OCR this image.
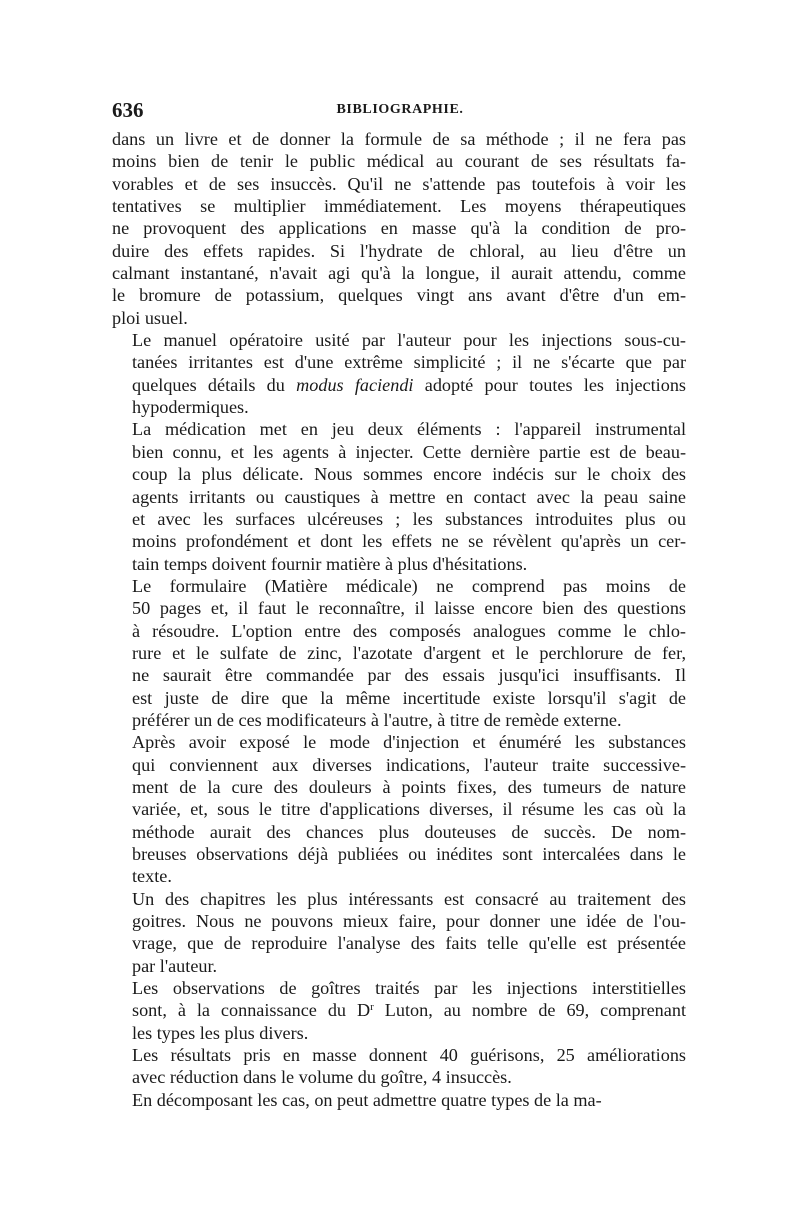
636	BIBLIOGRAPHIE.

dans un livre et de donner la formule de sa méthode ; il ne fera pas
moins bien de tenir le public médical au courant de ses résultats fa-
vorables et de ses insuccès. Qu'il ne s'attende pas toutefois à voir les
tentatives se multiplier immédiatement. Les moyens thérapeutiques
ne provoquent des applications en masse qu'à la condition de pro-
duire des effets rapides. Si l'hydrate de chloral, au lieu d'être un
calmant instantané, n'avait agi qu'à la longue, il aurait attendu, comme
le bromure de potassium, quelques vingt ans avant d'être d'un em-
ploi usuel.

Le manuel opératoire usité par l'auteur pour les injections sous-cu-
tanées irritantes est d'une extrême simplicité ; il ne s'écarte que par
quelques détails du modus faciendi adopté pour toutes les injections
hypodermiques.

La médication met en jeu deux éléments : l'appareil instrumental
bien connu, et les agents à injecter. Cette dernière partie est de beau-
coup la plus délicate. Nous sommes encore indécis sur le choix des
agents irritants ou caustiques à mettre en contact avec la peau saine
et avec les surfaces ulcéreuses ; les substances introduites plus ou
moins profondément et dont les effets ne se révèlent qu'après un cer-
tain temps doivent fournir matière à plus d'hésitations.

Le formulaire (Matière médicale) ne comprend pas moins de
50 pages et, il faut le reconnaître, il laisse encore bien des questions
à résoudre. L'option entre des composés analogues comme le chlo-
rure et le sulfate de zinc, l'azotate d'argent et le perchlorure de fer,
ne saurait être commandée par des essais jusqu'ici insuffisants. Il
est juste de dire que la même incertitude existe lorsqu'il s'agit de
préférer un de ces modificateurs à l'autre, à titre de remède externe.

Après avoir exposé le mode d'injection et énuméré les substances
qui conviennent aux diverses indications, l'auteur traite successive-
ment de la cure des douleurs à points fixes, des tumeurs de nature
variée, et, sous le titre d'applications diverses, il résume les cas où la
méthode aurait des chances plus douteuses de succès. De nom-
breuses observations déjà publiées ou inédites sont intercalées dans le
texte.

Un des chapitres les plus intéressants est consacré au traitement des
goitres. Nous ne pouvons mieux faire, pour donner une idée de l'ou-
vrage, que de reproduire l'analyse des faits telle qu'elle est présentée
par l'auteur.

Les observations de goîtres traités par les injections interstitielles
sont, à la connaissance du $D^r$ Luton, au nombre de 69, comprenant
les types les plus divers.

Les résultats pris en masse donnent 40 guérisons, 25 améliorations
avec réduction dans le volume du goître, 4 insuccès.

En décomposant les cas, on peut admettre quatre types de la ma-
